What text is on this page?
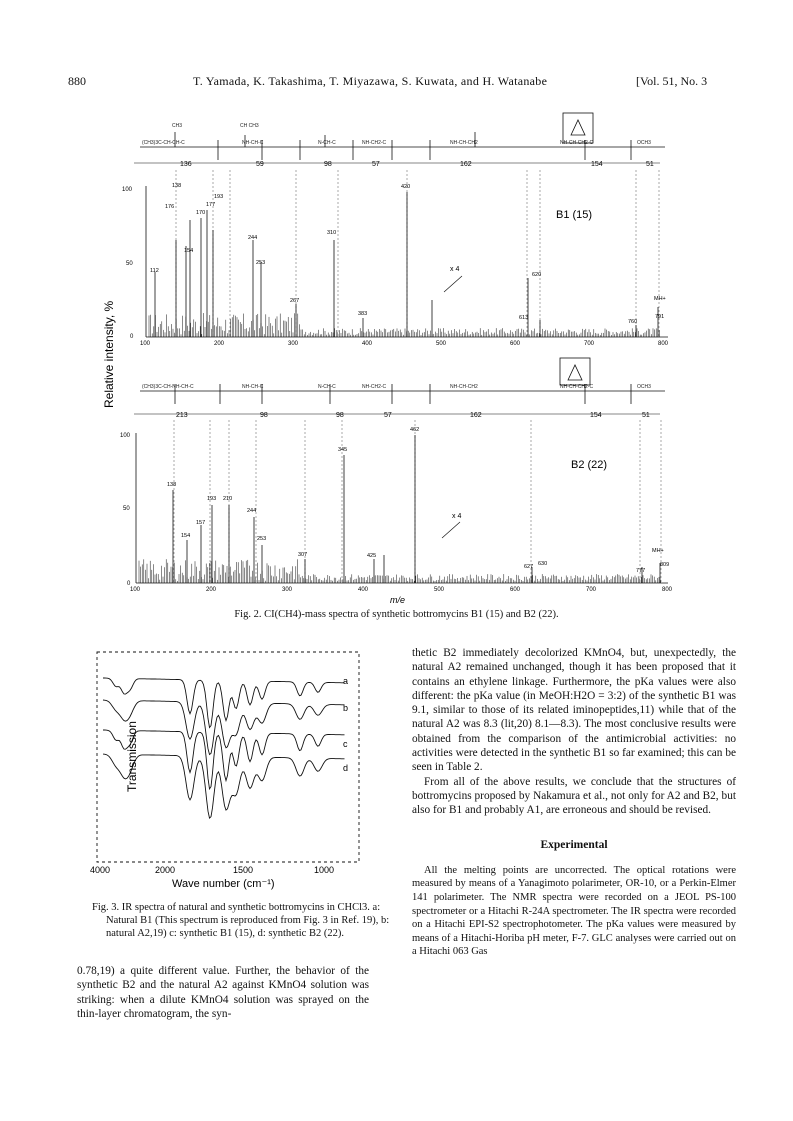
880	T. Yamada, K. Takashima, T. Miyazawa, S. Kuwata, and H. Watanabe	[Vol. 51, No. 3
(CH3)3C-CH-CH-C	NH-CH-C	N-CH-C	NH-CH2-C	NH-CH-CH2	NH-CH-CH2-C	OCH3
CH3	CH CH3
136	59	98	57	162	154	51
100
50
0
100	200	300	400	500	600	700	800
112
138
154
170
176	177
193
244
253
267
310
383
420
613
620
760
791
MH+
B1 (15)
x 4
(CH3)3C-CH-NH-CH-C	NH-CH-C	N-CH-C	NH-CH2-C	NH-CH-CH2	NH-CH-CH2-C	OCH3
213	98	98	57	162	154	51
100
50
0
100	200	300	400	500	600	700	800
138
154
157
193 210
244
253
307
345
425
462
627 630
777
809
MH+
B2 (22)
x 4
Relative intensity, %
m/e
Fig. 2. CI(CH4)-mass spectra of synthetic bottromycins B1 (15) and B2 (22).
a
b
c
d
4000	2000	1500	1000
Transmission
Wave number (cm⁻¹)
Fig. 3. IR spectra of natural and synthetic bottromycins in CHCl3. a: Natural B1 (This spectrum is reproduced from Fig. 3 in Ref. 19), b: natural A2,19) c: synthetic B1 (15), d: synthetic B2 (22).
0.78,19) a quite different value. Further, the behavior of the synthetic B2 and the natural A2 against KMnO4 solution was striking: when a dilute KMnO4 solution was sprayed on the thin-layer chromatogram, the syn-

thetic B2 immediately decolorized KMnO4, but, unexpectedly, the natural A2 remained unchanged, though it has been proposed that it contains an ethylene linkage. Furthermore, the pKa values were also different: the pKa value (in MeOH:H2O = 3:2) of the synthetic B1 was 9.1, similar to those of its related iminopeptides,11) while that of the natural A2 was 8.3 (lit,20) 8.1—8.3). The most conclusive results were obtained from the comparison of the antimicrobial activities: no activities were detected in the synthetic B1 so far examined; this can be seen in Table 2.

From all of the above results, we conclude that the structures of bottromycins proposed by Nakamura et al., not only for A2 and B2, but also for B1 and probably A1, are erroneous and should be revised.

Experimental

All the melting points are uncorrected. The optical rotations were measured by means of a Yanagimoto polarimeter, OR-10, or a Perkin-Elmer 141 polarimeter. The NMR spectra were recorded on a JEOL PS-100 spectrometer or a Hitachi R-24A spectrometer. The IR spectra were recorded on a Hitachi EPI-S2 spectrophotometer. The pKa values were measured by means of a Hitachi-Horiba pH meter, F-7. GLC analyses were carried out on a Hitachi 063 Gas
